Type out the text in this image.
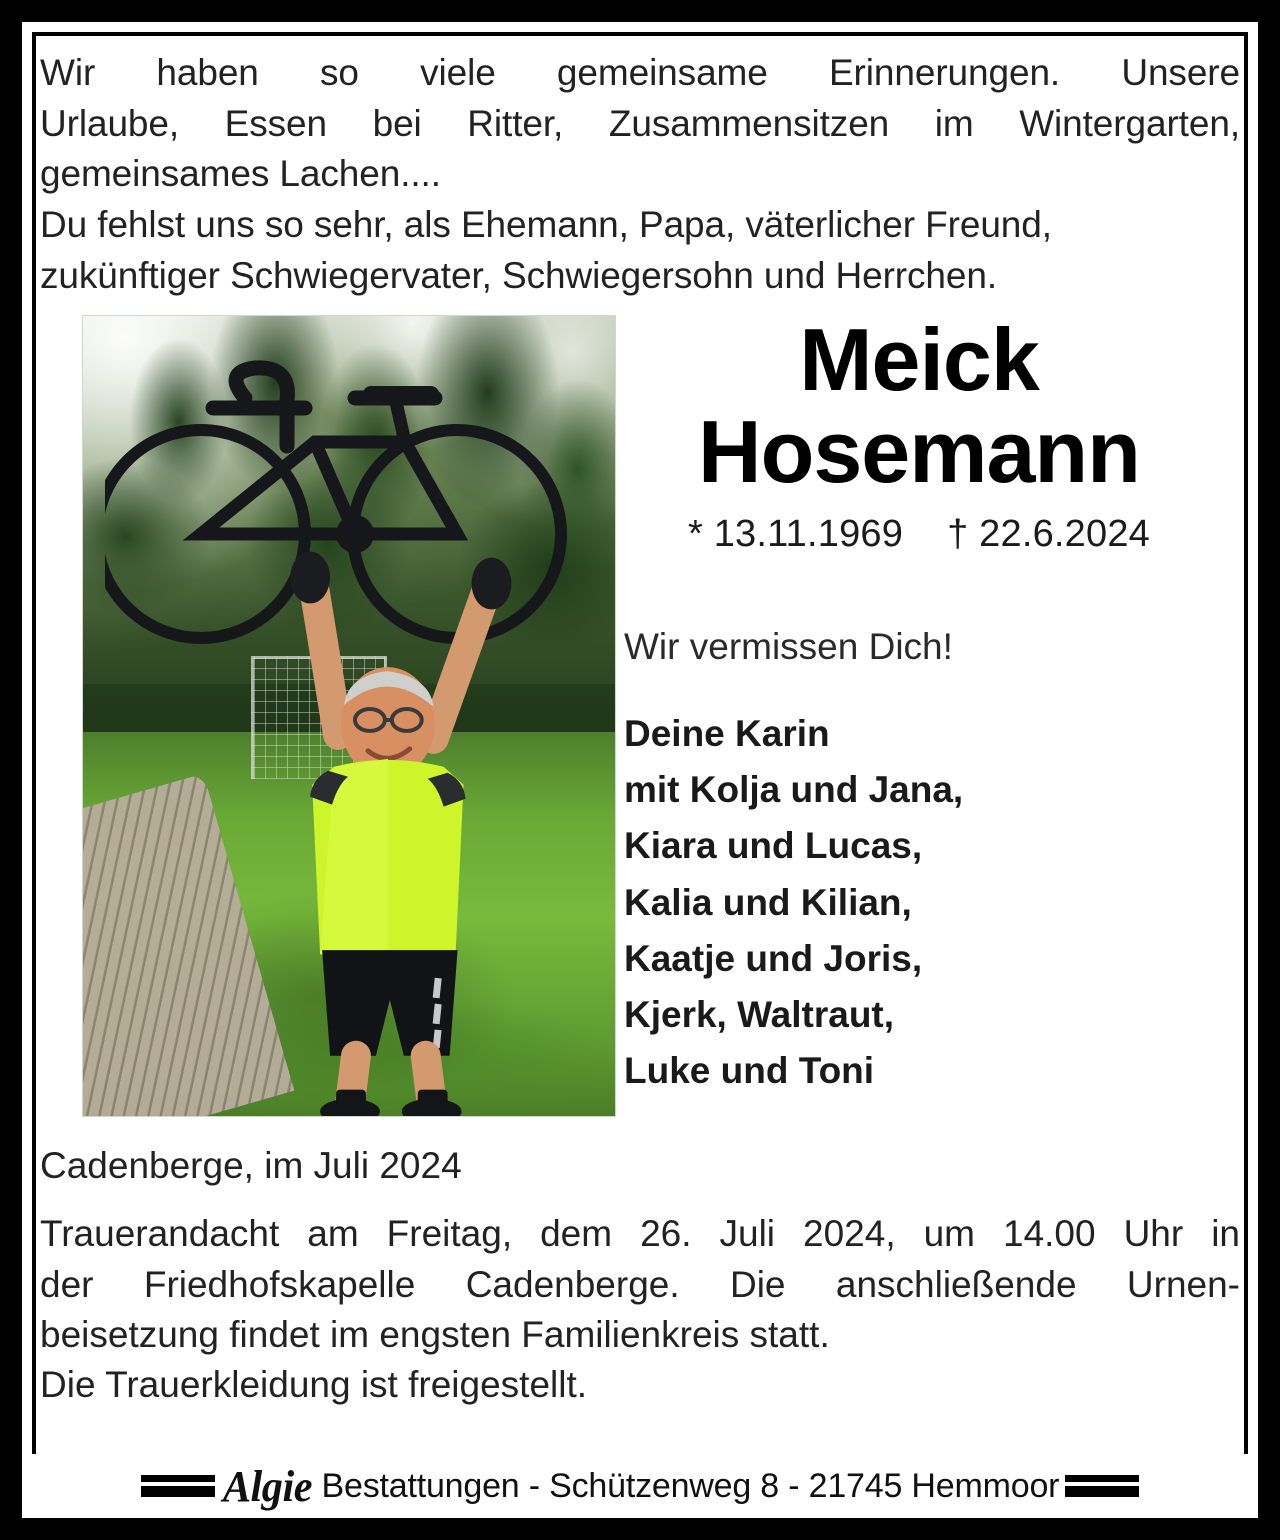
Wir haben so viele gemeinsame Erinnerungen. Unsere

Urlaube, Essen bei Ritter, Zusammensitzen im Wintergarten,

gemeinsames Lachen....

Du fehlst uns so sehr, als Ehemann, Papa, väterlicher Freund,

zukünftiger Schwiegervater, Schwiegersohn und Herrchen.

Meick
Hosemann
* 13.11.1969 † 22.6.2024
Wir vermissen Dich!
Deine Karin
mit Kolja und Jana,
Kiara und Lucas,
Kalia und Kilian,
Kaatje und Joris,
Kjerk, Waltraut,
Luke und Toni
Cadenberge, im Juli 2024

Trauerandacht am Freitag, dem 26. Juli 2024, um 14.00 Uhr in

der Friedhofskapelle Cadenberge. Die anschließende Urnen-

beisetzung findet im engsten Familienkreis statt.

Die Trauerkleidung ist freigestellt.

Algie Bestattungen - Schützenweg 8 - 21745 Hemmoor
